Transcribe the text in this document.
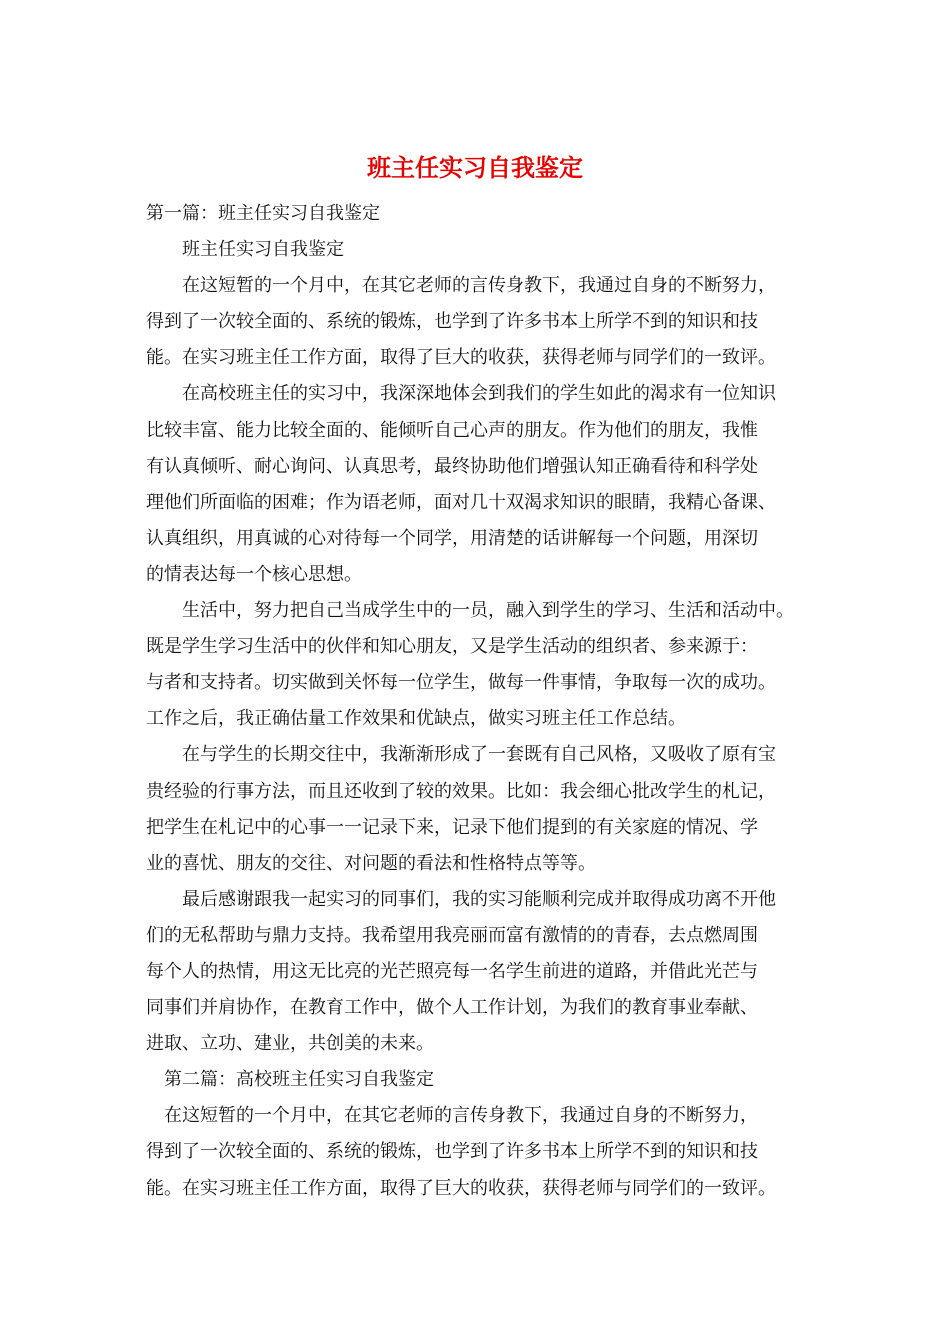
班主任实习自我鉴定
第一篇：班主任实习自我鉴定
　　班主任实习自我鉴定
　　在这短暂的一个月中，在其它老师的言传身教下，我通过自身的不断努力，
得到了一次较全面的、系统的锻炼，也学到了许多书本上所学不到的知识和技
能。在实习班主任工作方面，取得了巨大的收获，获得老师与同学们的一致评。
　　在高校班主任的实习中，我深深地体会到我们的学生如此的渴求有一位知识
比较丰富、能力比较全面的、能倾听自己心声的朋友。作为他们的朋友，我惟
有认真倾听、耐心询问、认真思考，最终协助他们增强认知正确看待和科学处
理他们所面临的困难；作为语老师，面对几十双渴求知识的眼睛，我精心备课、
认真组织，用真诚的心对待每一个同学，用清楚的话讲解每一个问题，用深切
的情表达每一个核心思想。
　　生活中，努力把自己当成学生中的一员，融入到学生的学习、生活和活动中。
既是学生学习生活中的伙伴和知心朋友，又是学生活动的组织者、参来源于：
与者和支持者。切实做到关怀每一位学生，做每一件事情，争取每一次的成功。
工作之后，我正确估量工作效果和优缺点，做实习班主任工作总结。
　　在与学生的长期交往中，我渐渐形成了一套既有自己风格，又吸收了原有宝
贵经验的行事方法，而且还收到了较的效果。比如：我会细心批改学生的札记，
把学生在札记中的心事一一记录下来，记录下他们提到的有关家庭的情况、学
业的喜忧、朋友的交往、对问题的看法和性格特点等等。
　　最后感谢跟我一起实习的同事们，我的实习能顺利完成并取得成功离不开他
们的无私帮助与鼎力支持。我希望用我亮丽而富有激情的的青春，去点燃周围
每个人的热情，用这无比亮的光芒照亮每一名学生前进的道路，并借此光芒与
同事们并肩协作，在教育工作中，做个人工作计划，为我们的教育事业奉献、
进取、立功、建业，共创美的未来。
　第二篇：高校班主任实习自我鉴定
　在这短暂的一个月中，在其它老师的言传身教下，我通过自身的不断努力，
得到了一次较全面的、系统的锻炼，也学到了许多书本上所学不到的知识和技
能。在实习班主任工作方面，取得了巨大的收获，获得老师与同学们的一致评。
